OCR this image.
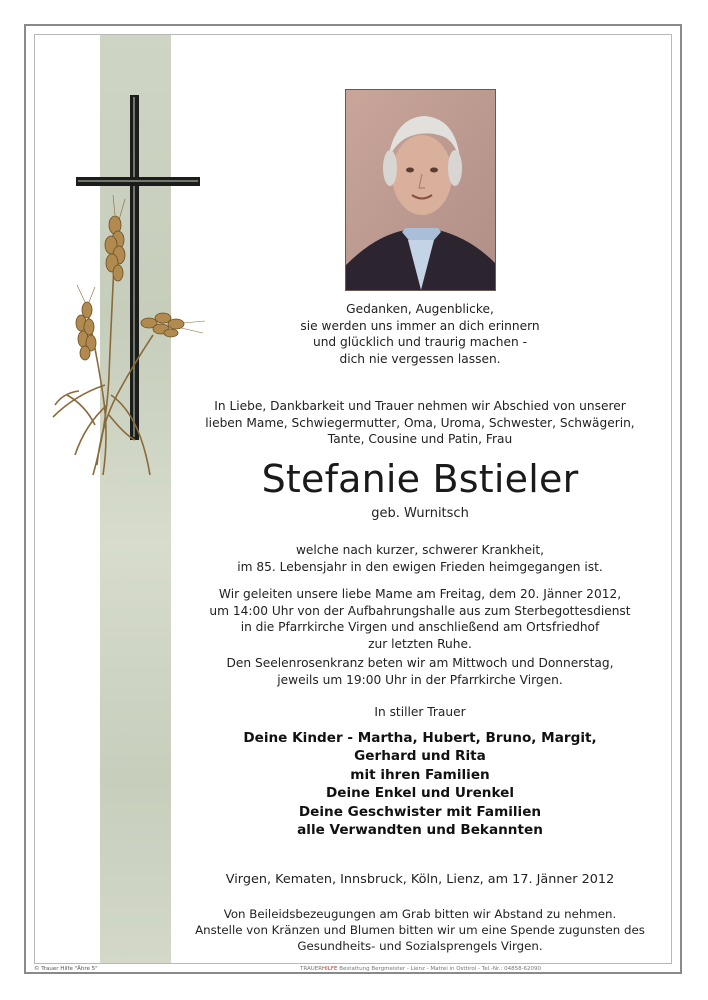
Gedanken, Augenblicke,
sie werden uns immer an dich erinnern
und glücklich und traurig machen -
dich nie vergessen lassen.
In Liebe, Dankbarkeit und Trauer nehmen wir Abschied von unserer
lieben Mame, Schwiegermutter, Oma, Uroma, Schwester, Schwägerin,
Tante, Cousine und Patin, Frau
Stefanie Bstieler
geb. Wurnitsch
welche nach kurzer, schwerer Krankheit,
im 85. Lebensjahr in den ewigen Frieden heimgegangen ist.
Wir geleiten unsere liebe Mame am Freitag, dem 20. Jänner 2012,
um 14:00 Uhr von der Aufbahrungshalle aus zum Sterbegottesdienst
in die Pfarrkirche Virgen und anschließend am Ortsfriedhof
zur letzten Ruhe.
Den Seelenrosenkranz beten wir am Mittwoch und Donnerstag,
jeweils um 19:00 Uhr in der Pfarrkirche Virgen.
In stiller Trauer
Deine Kinder - Martha, Hubert, Bruno, Margit,
Gerhard und Rita
mit ihren Familien
Deine Enkel und Urenkel
Deine Geschwister mit Familien
alle Verwandten und Bekannten
Virgen, Kematen, Innsbruck, Köln, Lienz, am 17. Jänner 2012
Von Beileidsbezeugungen am Grab bitten wir Abstand zu nehmen.
Anstelle von Kränzen und Blumen bitten wir um eine Spende zugunsten des
Gesundheits- und Sozialsprengels Virgen.
© Trauer Hilfe "Ähre 5"	TRAUERHILFE Bestattung Bergmeister - Lienz - Matrei in Osttirol - Tel.-Nr.: 04858-62090
